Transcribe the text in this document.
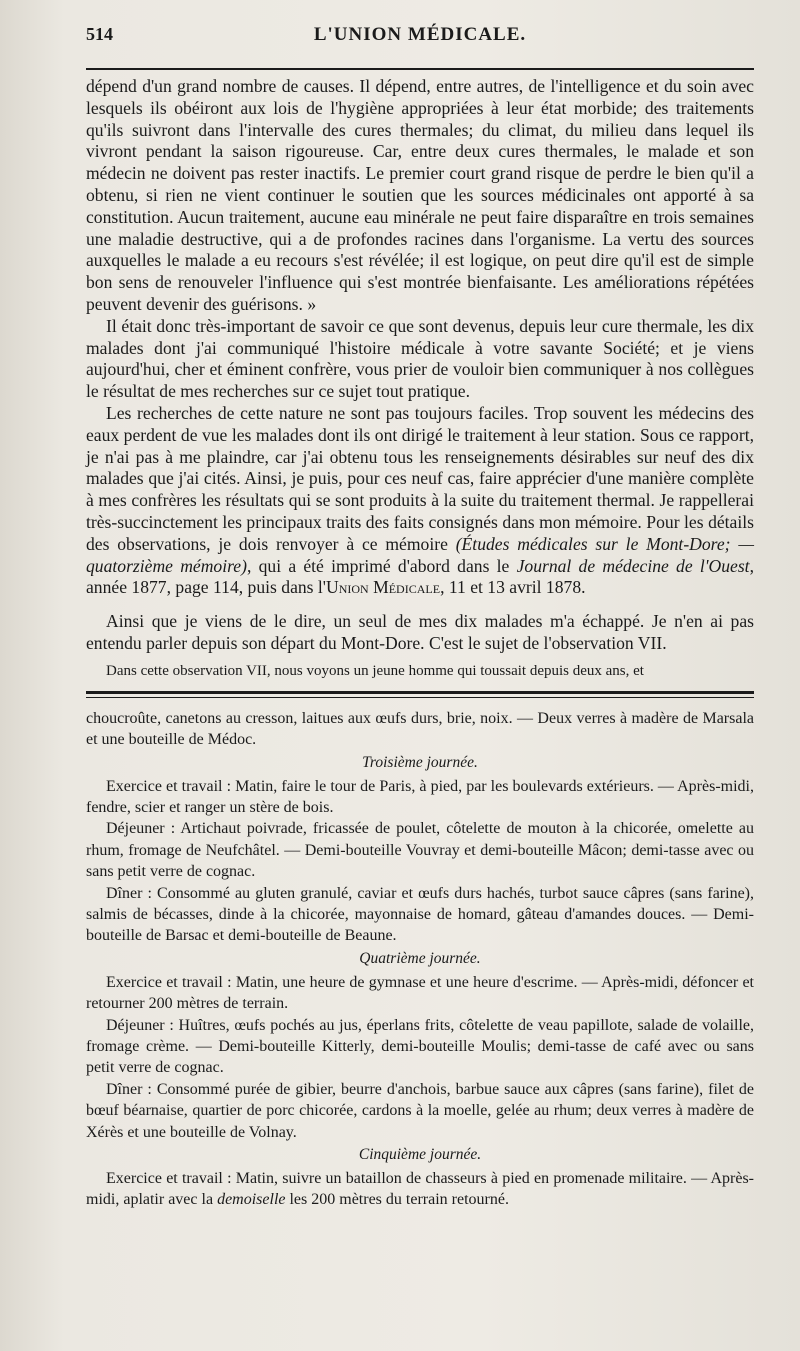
514	L'UNION MÉDICALE.

dépend d'un grand nombre de causes. Il dépend, entre autres, de l'intelligence et du soin avec lesquels ils obéiront aux lois de l'hygiène appropriées à leur état morbide; des traitements qu'ils suivront dans l'intervalle des cures thermales; du climat, du milieu dans lequel ils vivront pendant la saison rigoureuse. Car, entre deux cures thermales, le malade et son médecin ne doivent pas rester inactifs. Le premier court grand risque de perdre le bien qu'il a obtenu, si rien ne vient continuer le soutien que les sources médicinales ont apporté à sa constitution. Aucun traitement, aucune eau minérale ne peut faire disparaître en trois semaines une maladie destructive, qui a de profondes racines dans l'organisme. La vertu des sources auxquelles le malade a eu recours s'est révélée; il est logique, on peut dire qu'il est de simple bon sens de renouveler l'influence qui s'est montrée bienfaisante. Les améliorations répétées peuvent devenir des guérisons. »

Il était donc très-important de savoir ce que sont devenus, depuis leur cure thermale, les dix malades dont j'ai communiqué l'histoire médicale à votre savante Société; et je viens aujourd'hui, cher et éminent confrère, vous prier de vouloir bien communiquer à nos collègues le résultat de mes recherches sur ce sujet tout pratique.

Les recherches de cette nature ne sont pas toujours faciles. Trop souvent les médecins des eaux perdent de vue les malades dont ils ont dirigé le traitement à leur station. Sous ce rapport, je n'ai pas à me plaindre, car j'ai obtenu tous les renseignements désirables sur neuf des dix malades que j'ai cités. Ainsi, je puis, pour ces neuf cas, faire apprécier d'une manière complète à mes confrères les résultats qui se sont produits à la suite du traitement thermal. Je rappellerai très-succinctement les principaux traits des faits consignés dans mon mémoire. Pour les détails des observations, je dois renvoyer à ce mémoire (Études médicales sur le Mont-Dore; — quatorzième mémoire), qui a été imprimé d'abord dans le Journal de médecine de l'Ouest, année 1877, page 114, puis dans l'Union Médicale, 11 et 13 avril 1878.

Ainsi que je viens de le dire, un seul de mes dix malades m'a échappé. Je n'en ai pas entendu parler depuis son départ du Mont-Dore. C'est le sujet de l'observation VII.

Dans cette observation VII, nous voyons un jeune homme qui toussait depuis deux ans, et

choucroûte, canetons au cresson, laitues aux œufs durs, brie, noix. — Deux verres à madère de Marsala et une bouteille de Médoc.

Troisième journée.

Exercice et travail : Matin, faire le tour de Paris, à pied, par les boulevards extérieurs. — Après-midi, fendre, scier et ranger un stère de bois.

Déjeuner : Artichaut poivrade, fricassée de poulet, côtelette de mouton à la chicorée, omelette au rhum, fromage de Neufchâtel. — Demi-bouteille Vouvray et demi-bouteille Mâcon; demi-tasse avec ou sans petit verre de cognac.

Dîner : Consommé au gluten granulé, caviar et œufs durs hachés, turbot sauce câpres (sans farine), salmis de bécasses, dinde à la chicorée, mayonnaise de homard, gâteau d'amandes douces. — Demi-bouteille de Barsac et demi-bouteille de Beaune.

Quatrième journée.

Exercice et travail : Matin, une heure de gymnase et une heure d'escrime. — Après-midi, défoncer et retourner 200 mètres de terrain.

Déjeuner : Huîtres, œufs pochés au jus, éperlans frits, côtelette de veau papillote, salade de volaille, fromage crème. — Demi-bouteille Kitterly, demi-bouteille Moulis; demi-tasse de café avec ou sans petit verre de cognac.

Dîner : Consommé purée de gibier, beurre d'anchois, barbue sauce aux câpres (sans farine), filet de bœuf béarnaise, quartier de porc chicorée, cardons à la moelle, gelée au rhum; deux verres à madère de Xérès et une bouteille de Volnay.

Cinquième journée.

Exercice et travail : Matin, suivre un bataillon de chasseurs à pied en promenade militaire. — Après-midi, aplatir avec la demoiselle les 200 mètres du terrain retourné.
